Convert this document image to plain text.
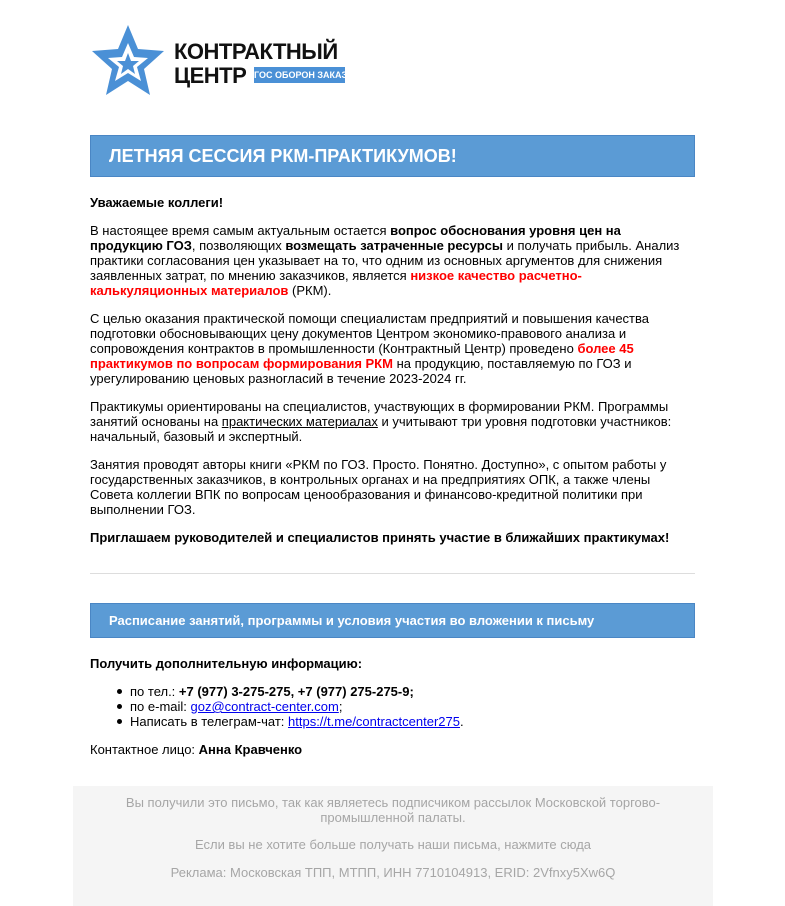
КОНТРАКТНЫЙ
ЦЕНТР ГОС ОБОРОН ЗАКАЗ
ЛЕТНЯЯ СЕССИЯ РКМ-ПРАКТИКУМОВ!

Уважаемые коллеги!

В настоящее время самым актуальным остается вопрос обоснования уровня цен на продукцию ГОЗ, позволяющих возмещать затраченные ресурсы и получать прибыль. Анализ практики согласования цен указывает на то, что одним из основных аргументов для снижения заявленных затрат, по мнению заказчиков, является низкое качество расчетно-калькуляционных материалов (РКМ).

С целью оказания практической помощи специалистам предприятий и повышения качества подготовки обосновывающих цену документов Центром экономико-правового анализа и сопровождения контрактов в промышленности (Контрактный Центр) проведено более 45 практикумов по вопросам формирования РКМ на продукцию, поставляемую по ГОЗ и урегулированию ценовых разногласий в течение 2023-2024 гг.

Практикумы ориентированы на специалистов, участвующих в формировании РКМ. Программы занятий основаны на практических материалах и учитывают три уровня подготовки участников: начальный, базовый и экспертный.

Занятия проводят авторы книги «РКМ по ГОЗ. Просто. Понятно. Доступно», с опытом работы у государственных заказчиков, в контрольных органах и на предприятиях ОПК, а также члены Совета коллегии ВПК по вопросам ценообразования и финансово-кредитной политики при выполнении ГОЗ.

Приглашаем руководителей и специалистов принять участие в ближайших практикумах!

Расписание занятий, программы и условия участия во вложении к письму

Получить дополнительную информацию:

по тел.: +7 (977) 3-275-275, +7 (977) 275-275-9;
по e-mail: goz@contract-center.com;
Написать в телеграм-чат: https://t.me/contractcenter275.

Контактное лицо: Анна Кравченко

Вы получили это письмо, так как являетесь подписчиком рассылок Московской торгово-промышленной палаты.
Если вы не хотите больше получать наши письма, нажмите сюда
Реклама: Московская ТПП, МТПП, ИНН 7710104913, ERID: 2Vfnxy5Xw6Q
